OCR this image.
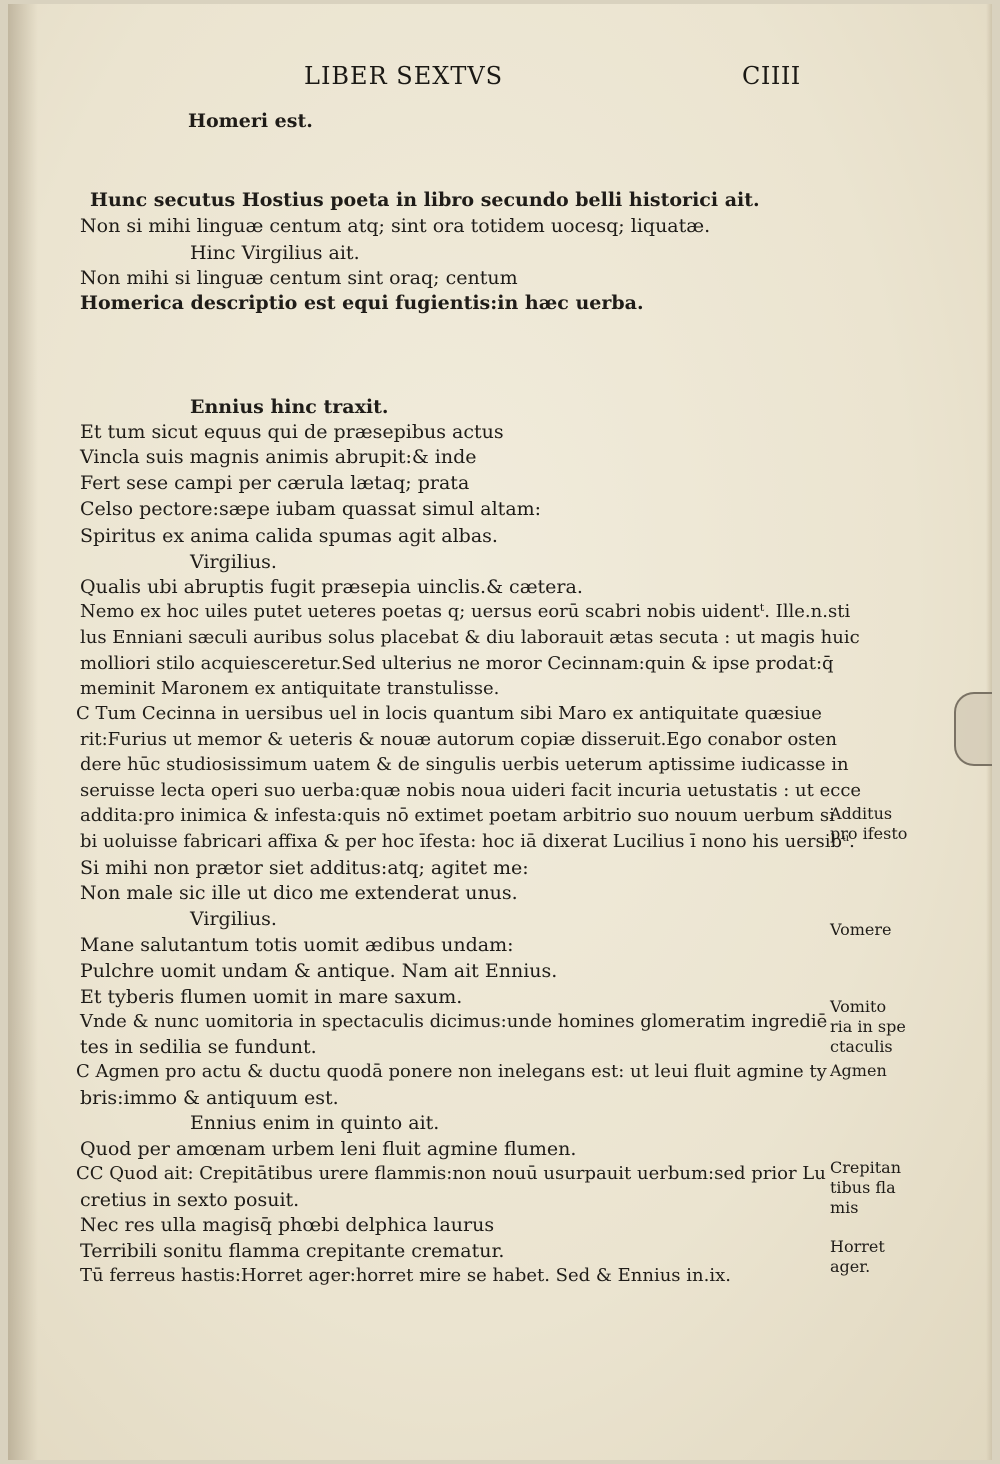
LIBER SEXTVS	CIIII
Homeri est.
Hunc secutus Hostius poeta in libro secundo belli historici ait.
Non si mihi linguæ centum atq; sint ora totidem uocesq; liquatæ.
Hinc Virgilius ait.
Non mihi si linguæ centum sint oraq; centum
Homerica descriptio est equi fugientis:in hæc uerba.
Ennius hinc traxit.
Et tum sicut equus qui de præsepibus actus
Vincla suis magnis animis abrupit:& inde
Fert sese campi per cærula lætaq; prata
Celso pectore:sæpe iubam quassat simul altam:
Spiritus ex anima calida spumas agit albas.
Virgilius.
Qualis ubi abruptis fugit præsepia uinclis.& cætera.
Nemo ex hoc uiles putet ueteres poetas q; uersus eorū scabri nobis uidentᵗ. Ille.n.sti
lus Enniani sæculi auribus solus placebat & diu laborauit ætas secuta : ut magis huic
molliori stilo acquiesceretur.Sed ulterius ne moror Cecinnam:quin & ipse prodat:q̄
meminit Maronem ex antiquitate transtulisse.
C Tum Cecinna in uersibus uel in locis quantum sibi Maro ex antiquitate quæsiue
rit:Furius ut memor & ueteris & nouæ autorum copiæ disseruit.Ego conabor osten
dere hūc studiosissimum uatem & de singulis uerbis ueterum aptissime iudicasse in
seruisse lecta operi suo uerba:quæ nobis noua uideri facit incuria uetustatis : ut ecce
addita:pro inimica & infesta:quis nō extimet poetam arbitrio suo nouum uerbum si
bi uoluisse fabricari affixa & per hoc īfesta: hoc iā dixerat Lucilius ī nono his uersibᵘ.
Si mihi non prætor siet additus:atq; agitet me:
Non male sic ille ut dico me extenderat unus.
Virgilius.
Mane salutantum totis uomit ædibus undam:
Pulchre uomit undam & antique. Nam ait Ennius.
Et tyberis flumen uomit in mare saxum.
Vnde & nunc uomitoria in spectaculis dicimus:unde homines glomeratim ingrediē
tes in sedilia se fundunt.
C Agmen pro actu & ductu quodā ponere non inelegans est: ut leui fluit agmine ty
bris:immo & antiquum est.
Ennius enim in quinto ait.
Quod per amœnam urbem leni fluit agmine flumen.
CC Quod ait: Crepitātibus urere flammis:non nouū usurpauit uerbum:sed prior Lu
cretius in sexto posuit.
Nec res ulla magisq̄ phœbi delphica laurus
Terribili sonitu flamma crepitante crematur.
Tū ferreus hastis:Horret ager:horret mire se habet. Sed & Ennius in.ix.
Additus
pro ifesto
Vomere
Vomito
ria in spe
ctaculis
Agmen
Crepitan
tibus fla
mis
Horret
ager.
